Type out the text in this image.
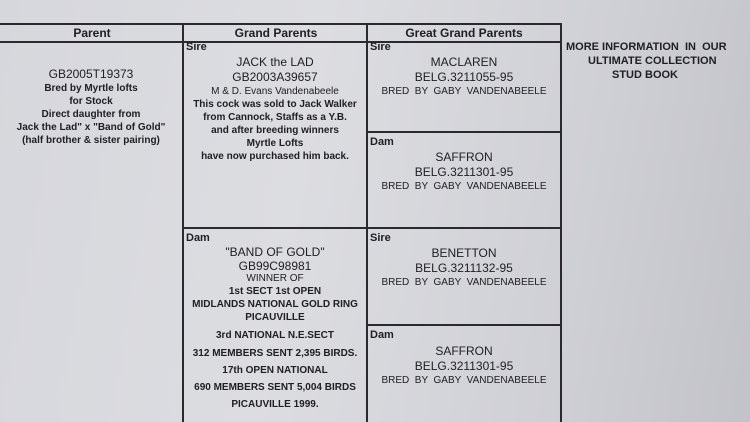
Parent	Grand Parents	Great Grand Parents
GB2005T19373
Bred by Myrtle lofts
for Stock
Direct daughter from
Jack the Lad" x "Band of Gold"
(half brother & sister pairing)
Sire
JACK the LAD
GB2003A39657
M & D. Evans Vandenabeele
This cock was sold to Jack Walker
from Cannock, Staffs as a Y.B.
and after breeding winners
Myrtle Lofts
have now purchased him back.
Dam
"BAND OF GOLD"
GB99C98981
WINNER OF
1st SECT 1st OPEN
MIDLANDS NATIONAL GOLD RING
PICAUVILLE
3rd NATIONAL N.E.SECT
312 MEMBERS SENT 2,395 BIRDS.
17th OPEN NATIONAL
690 MEMBERS SENT 5,004 BIRDS
PICAUVILLE 1999.
Sire
MACLAREN
BELG.3211055-95
BRED  BY  GABY  VANDENABEELE
Dam
SAFFRON
BELG.3211301-95
BRED  BY  GABY  VANDENABEELE
Sire
BENETTON
BELG.3211132-95
BRED  BY  GABY  VANDENABEELE
Dam
SAFFRON
BELG.3211301-95
BRED  BY  GABY  VANDENABEELE
MORE INFORMATION  IN  OUR
ULTIMATE COLLECTION
STUD BOOK
